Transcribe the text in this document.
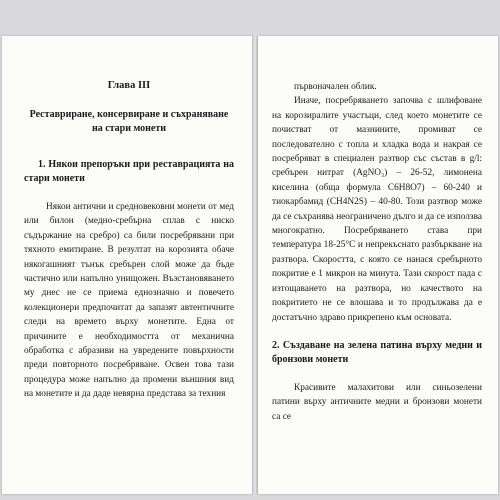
Глава III
Реставриране, консервиране и съхраняване на стари монети
1. Някои препоръки при реставрацията на стари монети

Някои антични и средновековни монети от мед или билон (медно-сребърна сплав с ниско съдържание на сребро) са били посребрявани при тяхното емитиране. В резултат на корозията обаче някогашният тънък сребърен слой може да бъде частично или напълно унищожен. Възстановяването му днес не се приема еднозначно и повечето колекционери предпочитат да запазят автентичните следи на времето върху монетите. Една от причините е необходимостта от механична обработка с абразиви на увредените повърхности преди повторното посребряване. Освен това тази процедура може напълно да промени външния вид на монетите и да даде невярна представа за техния

първоначален облик.

Иначе, посребряването започва с шлифоване на корозиралите участъци, след което монетите се почистват от мазнините, промиват се последователно с топла и хладка вода и накрая се посребряват в специален разтвор със състав в g/l: сребърен нитрат (AgNO₃) – 26-52, лимонена киселина (обща формула C6H8O7) – 60-240 и тиокарбамид (CH4N2S) – 40-80. Този разтвор може да се съхранява неограничено дълго и да се използва многократно. Посребряването става при температура 18-25°С и непрекъснато разбъркване на разтвора. Скоростта, с която се нанася сребърното покритие е 1 микрон на минута. Тази скорост пада с изтощаването на разтвора, но качеството на покритието не се влошава и то продължава да е достатъчно здраво прикрепено към основата.

2. Създаване на зелена патина върху медни и бронзови монети

Красивите малахитови или синьозелени патини върху античните медни и бронзови монети са се
